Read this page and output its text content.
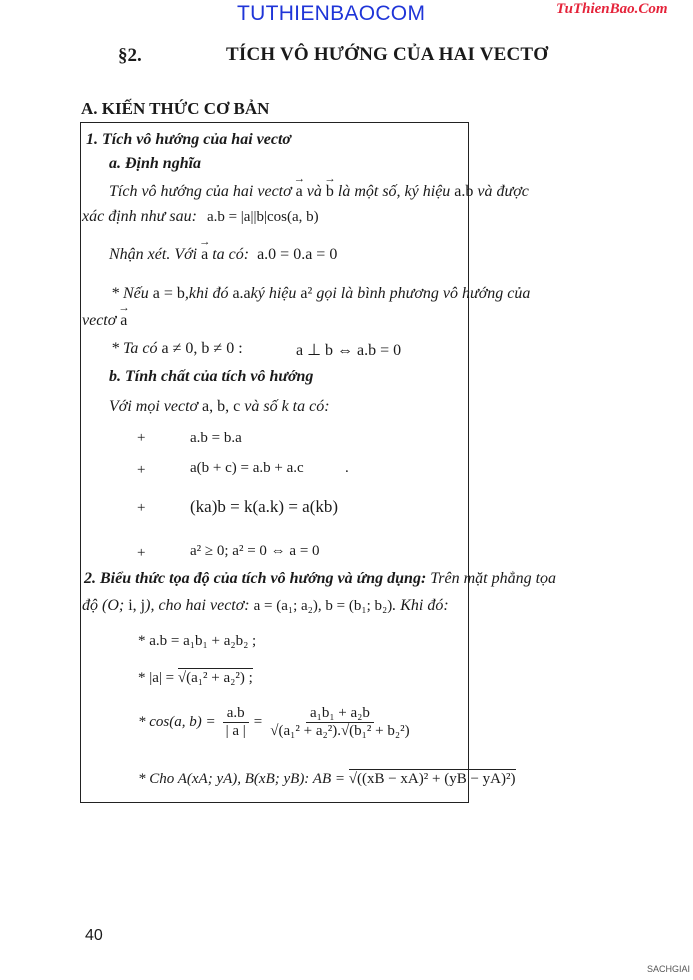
TUTHIENBAOCOM	TuThienBao.Com
§2.	TÍCH VÔ HƯỚNG CỦA HAI VECTƠ
A. KIẾN THỨC CƠ BẢN
1. Tích vô hướng của hai vectơ
a. Định nghĩa
Tích vô hướng của hai vectơ → a và → b là một số, ký hiệu a.b và được
xác định như sau: a.b = |a||b|cos(a, b)
Nhận xét. Với → a ta có: a.0 = 0.a = 0
* Nếu a = b,khi đó a.aký hiệu a² gọi là bình phương vô hướng của
vectơ → a
* Ta có a ≠ 0, b ≠ 0 :	a ⊥ b ⇔ a.b = 0
b. Tính chất của tích vô hướng
Với mọi vectơ a, b, c và số k ta có:
+	a.b = b.a
+	a(b + c) = a.b + a.c	.
+	(ka)b = k(a.k) = a(kb)
+	a² ≥ 0; a² = 0 ⇔ a = 0
2. Biểu thức tọa độ của tích vô hướng và ứng dụng: Trên mặt phẳng tọa
độ (O; i, j), cho hai vectơ: a = (a₁; a₂), b = (b₁; b₂). Khi đó:
* a.b = a₁b₁ + a₂b₂ ;
* |a| = √(a₁² + a₂²) ;
* cos(a, $b) = \frac{a.b}{| a |} = \frac{\text{a₁b₁ + a₂b}}{\text{√(a₁² + a₂²).√(b₁² + b₂²)}}$
* Cho A(xA; yA), B(xB; yB): AB = √((xB − xA)² + (yB − yA)²)
40
SACHGIAI
